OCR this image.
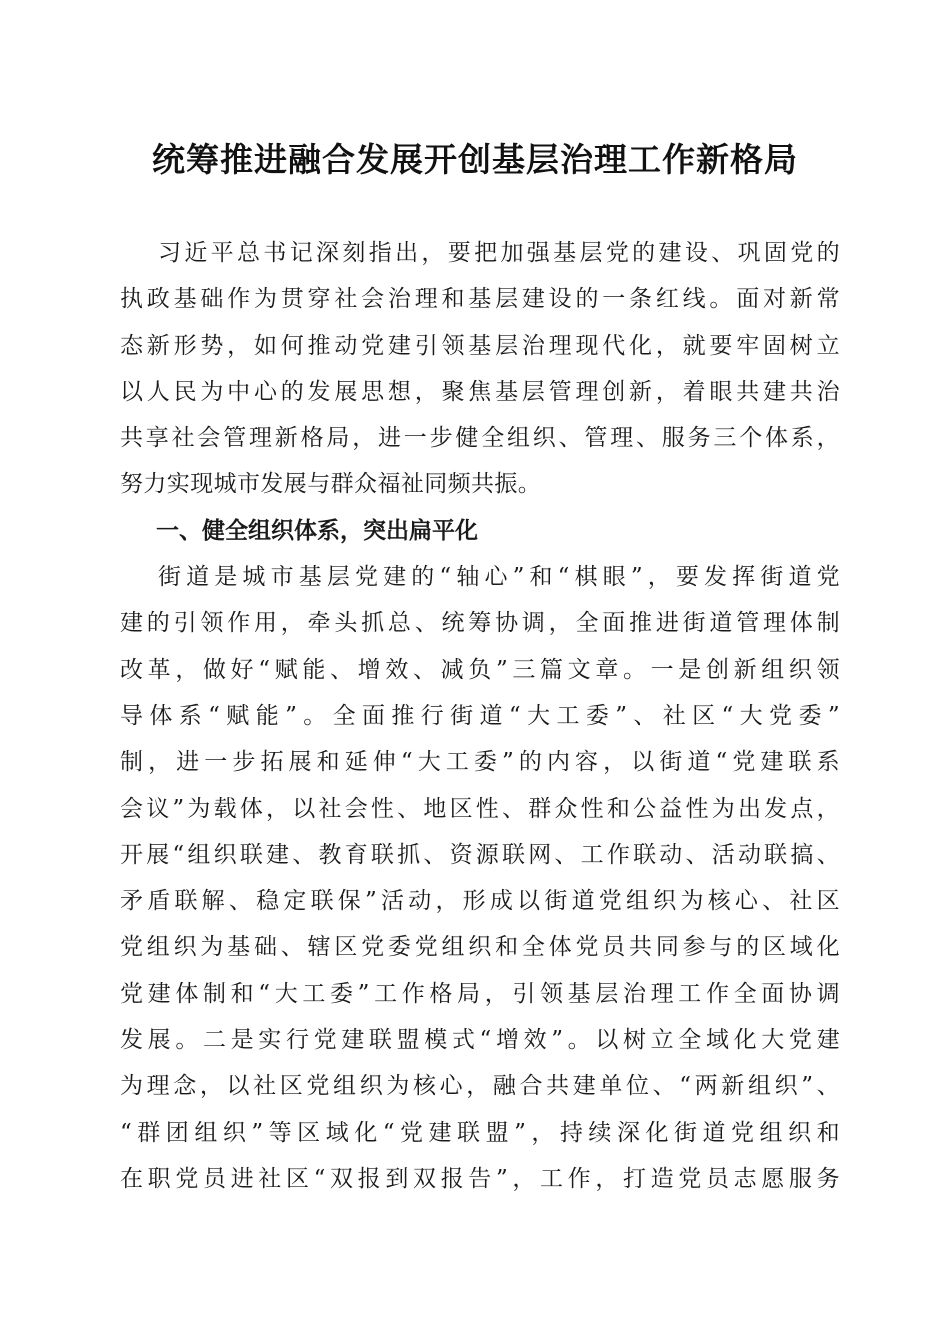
统筹推进融合发展开创基层治理工作新格局
习近平总书记深刻指出，要把加强基层党的建设、巩固党的
执政基础作为贯穿社会治理和基层建设的一条红线。面对新常
态新形势，如何推动党建引领基层治理现代化，就要牢固树立
以人民为中心的发展思想，聚焦基层管理创新，着眼共建共治
共享社会管理新格局，进一步健全组织、管理、服务三个体系，
努力实现城市发展与群众福祉同频共振。
一、健全组织体系，突出扁平化
街道是城市基层党建的“轴心”和“棋眼”，要发挥街道党
建的引领作用，牵头抓总、统筹协调，全面推进街道管理体制
改革，做好“赋能、增效、减负”三篇文章。一是创新组织领
导体系“赋能”。全面推行街道“大工委”、社区“大党委”
制，进一步拓展和延伸“大工委”的内容，以街道“党建联系
会议”为载体，以社会性、地区性、群众性和公益性为出发点，
开展“组织联建、教育联抓、资源联网、工作联动、活动联搞、
矛盾联解、稳定联保”活动，形成以街道党组织为核心、社区
党组织为基础、辖区党委党组织和全体党员共同参与的区域化
党建体制和“大工委”工作格局，引领基层治理工作全面协调
发展。二是实行党建联盟模式“增效”。以树立全域化大党建
为理念，以社区党组织为核心，融合共建单位、“两新组织”、
“群团组织”等区域化“党建联盟”，持续深化街道党组织和
在职党员进社区“双报到双报告”，工作，打造党员志愿服务
